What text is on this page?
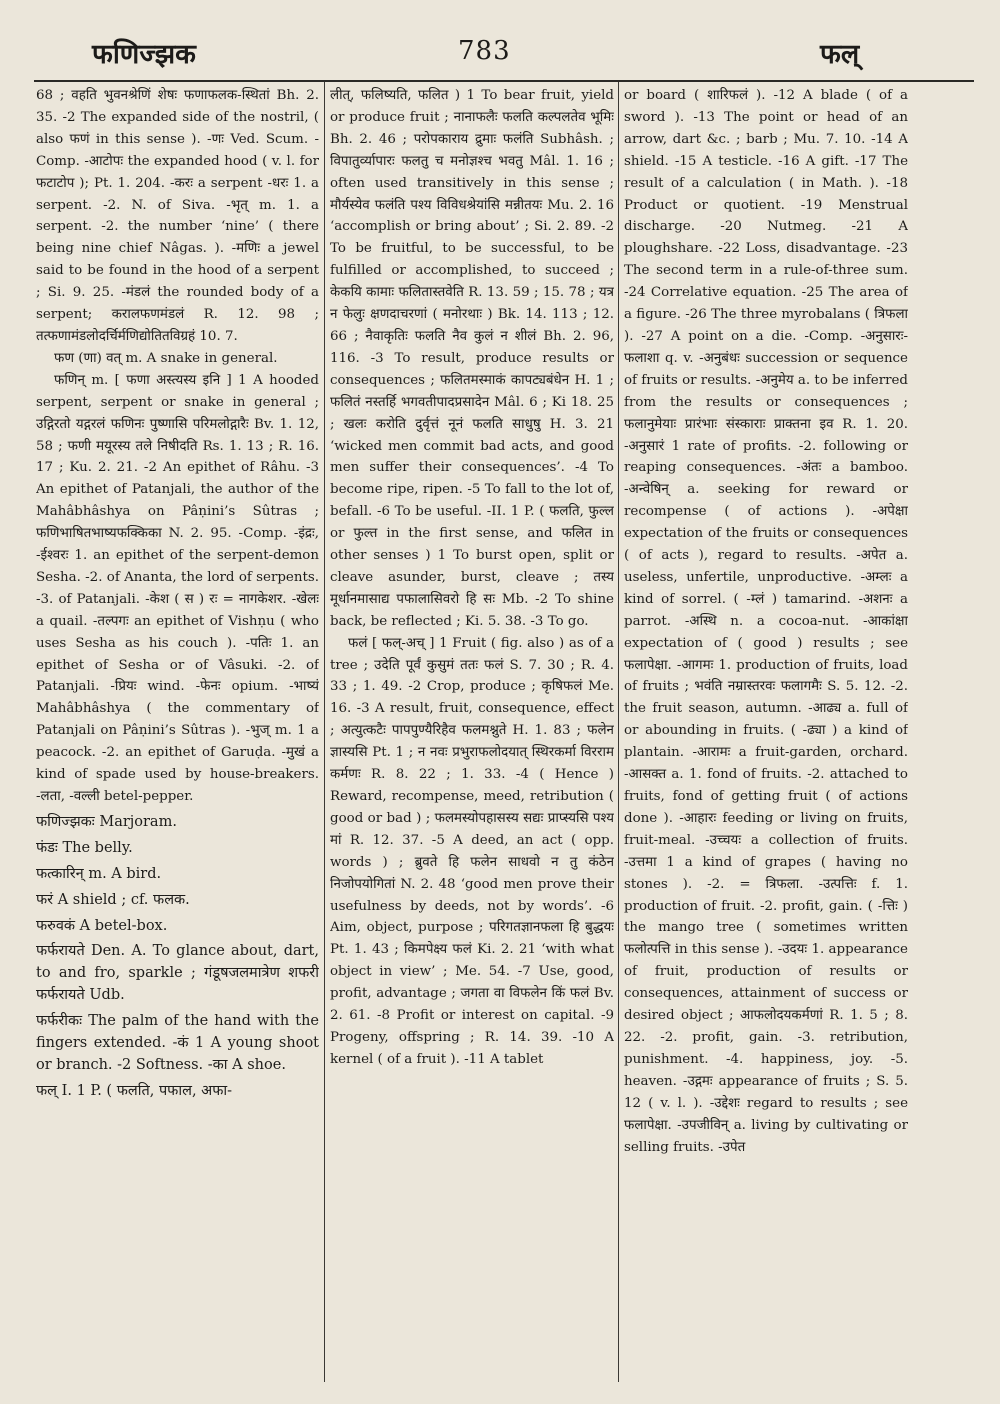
फणिज्झक	783	फल्

68 ; वहति भुवनश्रेणिं शेषः फणाफलक-स्थितां Bh. 2. 35. -2 The expanded side of the nostril, ( also फणं in this sense ). -णः Ved. Scum. -Comp. -आटोपः the expanded hood ( v. l. for फटाटोप ); Pt. 1. 204. -करः a serpent -धरः 1. a serpent. -2. N. of Siva. -भृत् m. 1. a serpent. -2. the number ‘nine’ ( there being nine chief Nâgas. ). -मणिः a jewel said to be found in the hood of a serpent ; Si. 9. 25. -मंडलं the rounded body of a serpent; करालफणमंडलं R. 12. 98 ; तत्फणामंडलोदर्चिर्मणिद्योतितविग्रहं 10. 7.

फण (णा) वत् m. A snake in general.

फणिन् m. [ फणा अस्त्यस्य इनि ] 1 A hooded serpent, serpent or snake in general ; उद्गिरतो यद्गरलं फणिनः पुष्णासि परिमलोद्गारैः Bv. 1. 12, 58 ; फणी मयूरस्य तले निषीदति Rs. 1. 13 ; R. 16. 17 ; Ku. 2. 21. -2 An epithet of Râhu. -3 An epithet of Patanjali, the author of the Mahâbhâshya on Pâṇini’s Sûtras ; फणिभाषितभाष्यफक्किका N. 2. 95. -Comp. -इंद्रः, -ईश्वरः 1. an epithet of the serpent-demon Sesha. -2. of Ananta, the lord of serpents. -3. of Patanjali. -केश ( स ) रः = नागकेशर. -खेलः a quail. -तल्पगः an epithet of Vishṇu ( who uses Sesha as his couch ). -पतिः 1. an epithet of Sesha or of Vâsuki. -2. of Patanjali. -प्रियः wind. -फेनः opium. -भाष्यं Mahâbhâshya ( the commentary of Patanjali on Pâṇini’s Sûtras ). -भुज् m. 1 a peacock. -2. an epithet of Garuḍa. -मुखं a kind of spade used by house-breakers. -लता, -वल्ली betel-pepper.

फणिज्झकः Marjoram.

फंडः The belly.

फत्कारिन् m. A bird.

फरं A shield ; cf. फलक.

फरुवकं A betel-box.

फर्फरायते Den. A. To glance about, dart, to and fro, sparkle ; गंडूषजलमात्रेण शफरी फर्फरायते Udb.

फर्फरीकः The palm of the hand with the fingers extended. -कं 1 A young shoot or branch. -2 Softness. -का A shoe.

फल् I. 1 P. ( फलति, पफाल, अफा-

लीत्, फलिष्यति, फलित ) 1 To bear fruit, yield or produce fruit ; नानाफलैः फलति कल्पलतेव भूमिः Bh. 2. 46 ; परोपकाराय द्रुमाः फलंति Subhâsh. ; विपातुर्व्यापारः फलतु च मनोज्ञश्च भवतु Mâl. 1. 16 ; often used transitively in this sense ; मौर्यस्येव फलंति पश्य विविधश्रेयांसि मन्नीतयः Mu. 2. 16 ‘accomplish or bring about’ ; Si. 2. 89. -2 To be fruitful, to be successful, to be fulfilled or accomplished, to succeed ; केकयि कामाः फलितास्तवेति R. 13. 59 ; 15. 78 ; यत्र न फेलुः क्षणदाचरणां ( मनोरथाः ) Bk. 14. 113 ; 12. 66 ; नैवाकृतिः फलति नैव कुलं न शीलं Bh. 2. 96, 116. -3 To result, produce results or consequences ; फलितमस्माकं कापट्यबंधेन H. 1 ; फलितं नस्तर्हि भगवतीपादप्रसादेन Mâl. 6 ; Ki 18. 25 ; खलः करोति दुर्वृत्तं नूनं फलति साधुषु H. 3. 21 ‘wicked men commit bad acts, and good men suffer their consequences’. -4 To become ripe, ripen. -5 To fall to the lot of, befall. -6 To be useful. -II. 1 P. ( फलति, फुल्ल or फुल्त in the first sense, and फलित in other senses ) 1 To burst open, split or cleave asunder, burst, cleave ; तस्य मूर्धानमासाद्य पफालासिवरो हि सः Mb. -2 To shine back, be reflected ; Ki. 5. 38. -3 To go.

फलं [ फल्-अच् ] 1 Fruit ( fig. also ) as of a tree ; उदेति पूर्वं कुसुमं ततः फलं S. 7. 30 ; R. 4. 33 ; 1. 49. -2 Crop, produce ; कृषिफलं Me. 16. -3 A result, fruit, consequence, effect ; अत्युत्कटैः पापपुण्यैरिहैव फलमश्नुते H. 1. 83 ; फलेन ज्ञास्यसि Pt. 1 ; न नवः प्रभुराफलोदयात् स्थिरकर्मा विरराम कर्मणः R. 8. 22 ; 1. 33. -4 ( Hence ) Reward, recompense, meed, retribution ( good or bad ) ; फलमस्योपहासस्य सद्यः प्राप्स्यसि पश्य मां R. 12. 37. -5 A deed, an act ( opp. words ) ; ब्रुवते हि फलेन साधवो न तु कंठेन निजोपयोगितां N. 2. 48 ‘good men prove their usefulness by deeds, not by words’. -6 Aim, object, purpose ; परिगतज्ञानफला हि बुद्धयः Pt. 1. 43 ; किमपेक्ष्य फलं Ki. 2. 21 ‘with what object in view’ ; Me. 54. -7 Use, good, profit, advantage ; जगता वा विफलेन किं फलं Bv. 2. 61. -8 Profit or interest on capital. -9 Progeny, offspring ; R. 14. 39. -10 A kernel ( of a fruit ). -11 A tablet

or board ( शारिफलं ). -12 A blade ( of a sword ). -13 The point or head of an arrow, dart &c. ; barb ; Mu. 7. 10. -14 A shield. -15 A testicle. -16 A gift. -17 The result of a calculation ( in Math. ). -18 Product or quotient. -19 Menstrual discharge. -20 Nutmeg. -21 A ploughshare. -22 Loss, disadvantage. -23 The second term in a rule-of-three sum. -24 Correlative equation. -25 The area of a figure. -26 The three myrobalans ( त्रिफला ). -27 A point on a die. -Comp. -अनुसारः-फलाशा q. v. -अनुबंधः succession or sequence of fruits or results. -अनुमेय a. to be inferred from the results or consequences ; फलानुमेयाः प्रारंभाः संस्काराः प्राक्तना इव R. 1. 20. -अनुसारं 1 rate of profits. -2. following or reaping consequences. -अंतः a bamboo. -अन्वेषिन् a. seeking for reward or recompense ( of actions ). -अपेक्षा expectation of the fruits or consequences ( of acts ), regard to results. -अपेत a. useless, unfertile, unproductive. -अम्लः a kind of sorrel. ( -म्लं ) tamarind. -अशनः a parrot. -अस्थि n. a cocoa-nut. -आकांक्षा expectation of ( good ) results ; see फलापेक्षा. -आगमः 1. production of fruits, load of fruits ; भवंति नम्रास्तरवः फलागमैः S. 5. 12. -2. the fruit season, autumn. -आढ्य a. full of or abounding in fruits. ( -ढ्या ) a kind of plantain. -आरामः a fruit-garden, orchard. -आसक्त a. 1. fond of fruits. -2. attached to fruits, fond of getting fruit ( of actions done ). -आहारः feeding or living on fruits, fruit-meal. -उच्चयः a collection of fruits. -उत्तमा 1 a kind of grapes ( having no stones ). -2. = त्रिफला. -उत्पत्तिः f. 1. production of fruit. -2. profit, gain. ( -त्तिः ) the mango tree ( sometimes written फलोत्पत्ति in this sense ). -उदयः 1. appearance of fruit, production of results or consequences, attainment of success or desired object ; आफलोदयकर्मणां R. 1. 5 ; 8. 22. -2. profit, gain. -3. retribution, punishment. -4. happiness, joy. -5. heaven. -उद्गमः appearance of fruits ; S. 5. 12 ( v. l. ). -उद्देशः regard to results ; see फलापेक्षा. -उपजीविन् a. living by cultivating or selling fruits. -उपेत
